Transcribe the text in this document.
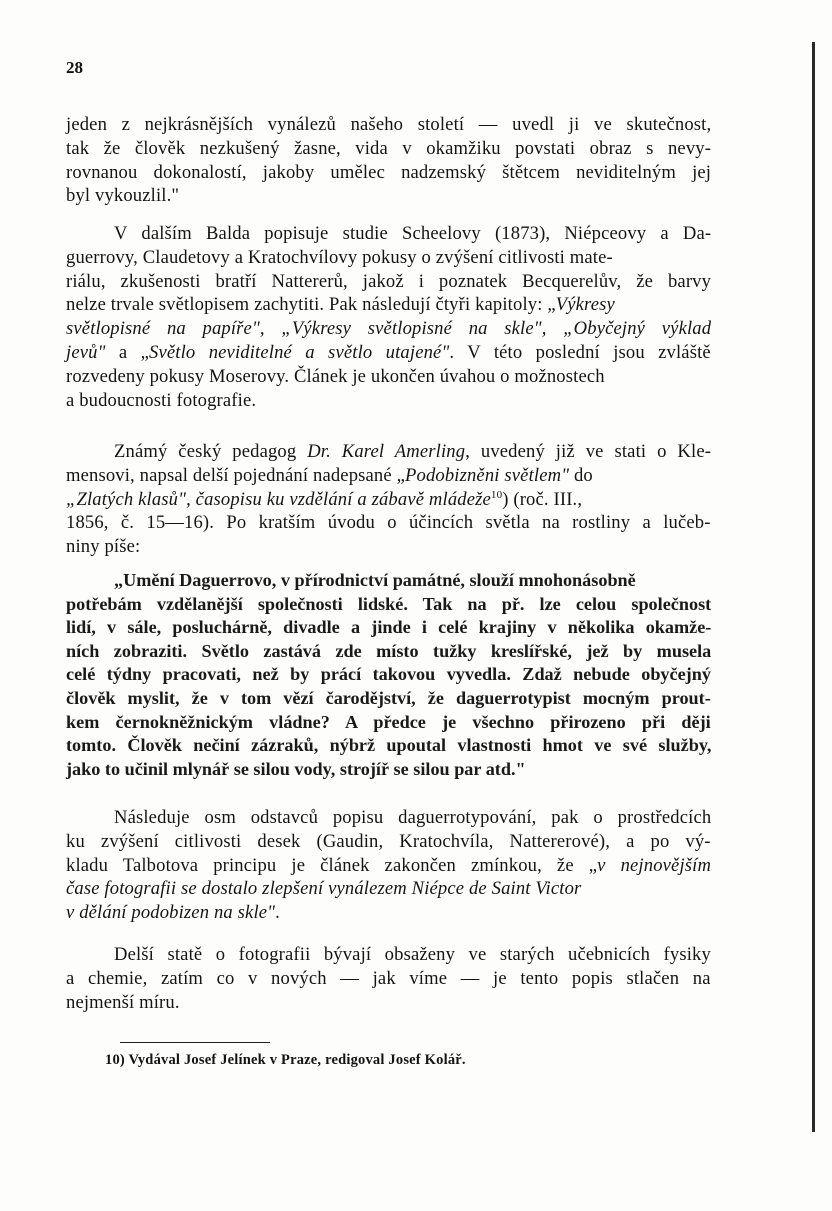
28
jeden z nejkrásnějších vynálezů našeho století — uvedl ji ve skutečnost,
tak že člověk nezkušený žasne, vida v okamžiku povstati obraz s nevy-
rovnanou dokonalostí, jakoby umělec nadzemský štětcem neviditelným jej
byl vykouzlil."
V dalším Balda popisuje studie Scheelovy (1873), Niépceovy a Da-
guerrovy, Claudetovy a Kratochvílovy pokusy o zvýšení citlivosti mate-
riálu, zkušenosti bratří Nattererů, jakož i poznatek Becquerelův, že barvy
nelze trvale světlopisem zachytiti. Pak následují čtyři kapitoly: „Výkresy
světlopisné na papíře", „Výkresy světlopisné na skle", „Obyčejný výklad
jevů" a „Světlo neviditelné a světlo utajené". V této poslední jsou zvláště
rozvedeny pokusy Moserovy. Článek je ukončen úvahou o možnostech
a budoucnosti fotografie.
Známý český pedagog Dr. Karel Amerling, uvedený již ve stati o Kle-
mensovi, napsal delší pojednání nadepsané „Podobizněni světlem" do
„Zlatých klasů", časopisu ku vzdělání a zábavě mládeže$^{10}$) (roč. III.,
1856, č. 15—16). Po kratším úvodu o účincích světla na rostliny a lučeb-
niny píše:
„Umění Daguerrovo, v přírodnictví památné, slouží mnohonásobně
potřebám vzdělanější společnosti lidské. Tak na př. lze celou společnost
lidí, v sále, posluchárně, divadle a jinde i celé krajiny v několika okamže-
ních zobraziti. Světlo zastává zde místo tužky kreslířské, jež by musela
celé týdny pracovati, než by prácí takovou vyvedla. Zdaž nebude obyčejný
člověk myslit, že v tom vězí čarodějství, že daguerrotypist mocným prout-
kem černokněžnickým vládne? A předce je všechno přirozeno při ději
tomto. Člověk nečiní zázraků, nýbrž upoutal vlastnosti hmot ve své služby,
jako to učinil mlynář se silou vody, strojíř se silou par atd."
Následuje osm odstavců popisu daguerrotypování, pak o prostředcích
ku zvýšení citlivosti desek (Gaudin, Kratochvíla, Nattererové), a po vý-
kladu Talbotova principu je článek zakončen zmínkou, že „v nejnovějším
čase fotografii se dostalo zlepšení vynálezem Niépce de Saint Victor
v dělání podobizen na skle".
Delší statě o fotografii bývají obsaženy ve starých učebnicích fysiky
a chemie, zatím co v nových — jak víme — je tento popis stlačen na
nejmenší míru.
10) Vydával Josef Jelínek v Praze, redigoval Josef Kolář.
